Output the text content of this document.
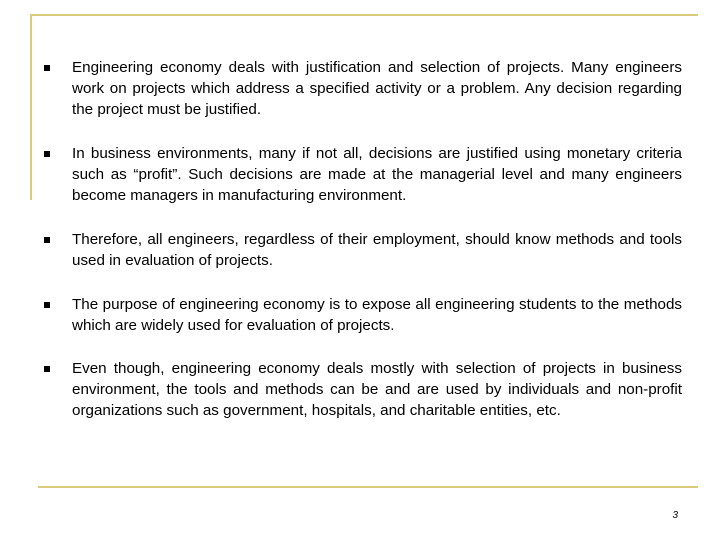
Engineering economy deals with justification and selection of projects. Many engineers work on projects which address a specified activity or a problem. Any decision regarding the project must be justified.
In business environments, many if not all, decisions are justified using monetary criteria such as “profit”. Such decisions are made at the managerial level and many engineers become managers in manufacturing environment.
Therefore, all engineers, regardless of their employment, should know methods and tools used in evaluation of projects.
The purpose of engineering economy is to expose all engineering students to the methods which are widely used for evaluation of projects.
Even though, engineering economy deals mostly with selection of projects in business environment, the tools and methods can be and are used by individuals and non-profit organizations such as government, hospitals, and charitable entities, etc.
3
